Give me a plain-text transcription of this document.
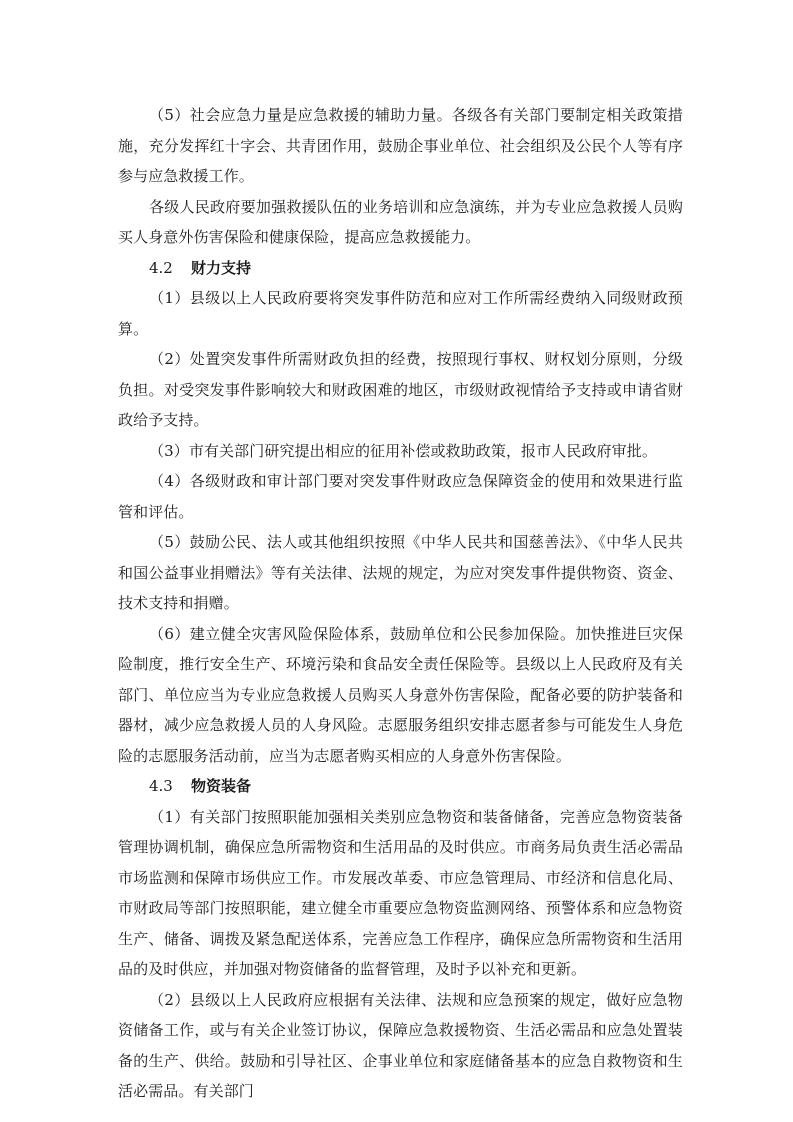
（5）社会应急力量是应急救援的辅助力量。各级各有关部门要制定相关政策措施，充分发挥红十字会、共青团作用，鼓励企事业单位、社会组织及公民个人等有序参与应急救援工作。

各级人民政府要加强救援队伍的业务培训和应急演练，并为专业应急救援人员购买人身意外伤害保险和健康保险，提高应急救援能力。

4.2 财力支持

（1）县级以上人民政府要将突发事件防范和应对工作所需经费纳入同级财政预算。

（2）处置突发事件所需财政负担的经费，按照现行事权、财权划分原则，分级负担。对受突发事件影响较大和财政困难的地区，市级财政视情给予支持或申请省财政给予支持。

（3）市有关部门研究提出相应的征用补偿或救助政策，报市人民政府审批。

（4）各级财政和审计部门要对突发事件财政应急保障资金的使用和效果进行监管和评估。

（5）鼓励公民、法人或其他组织按照《中华人民共和国慈善法》、《中华人民共和国公益事业捐赠法》等有关法律、法规的规定，为应对突发事件提供物资、资金、技术支持和捐赠。

（6）建立健全灾害风险保险体系，鼓励单位和公民参加保险。加快推进巨灾保险制度，推行安全生产、环境污染和食品安全责任保险等。县级以上人民政府及有关部门、单位应当为专业应急救援人员购买人身意外伤害保险，配备必要的防护装备和器材，减少应急救援人员的人身风险。志愿服务组织安排志愿者参与可能发生人身危险的志愿服务活动前，应当为志愿者购买相应的人身意外伤害保险。

4.3 物资装备

（1）有关部门按照职能加强相关类别应急物资和装备储备，完善应急物资装备管理协调机制，确保应急所需物资和生活用品的及时供应。市商务局负责生活必需品市场监测和保障市场供应工作。市发展改革委、市应急管理局、市经济和信息化局、市财政局等部门按照职能，建立健全市重要应急物资监测网络、预警体系和应急物资生产、储备、调拨及紧急配送体系，完善应急工作程序，确保应急所需物资和生活用品的及时供应，并加强对物资储备的监督管理，及时予以补充和更新。

（2）县级以上人民政府应根据有关法律、法规和应急预案的规定，做好应急物资储备工作，或与有关企业签订协议，保障应急救援物资、生活必需品和应急处置装备的生产、供给。鼓励和引导社区、企事业单位和家庭储备基本的应急自救物资和生活必需品。有关部门
